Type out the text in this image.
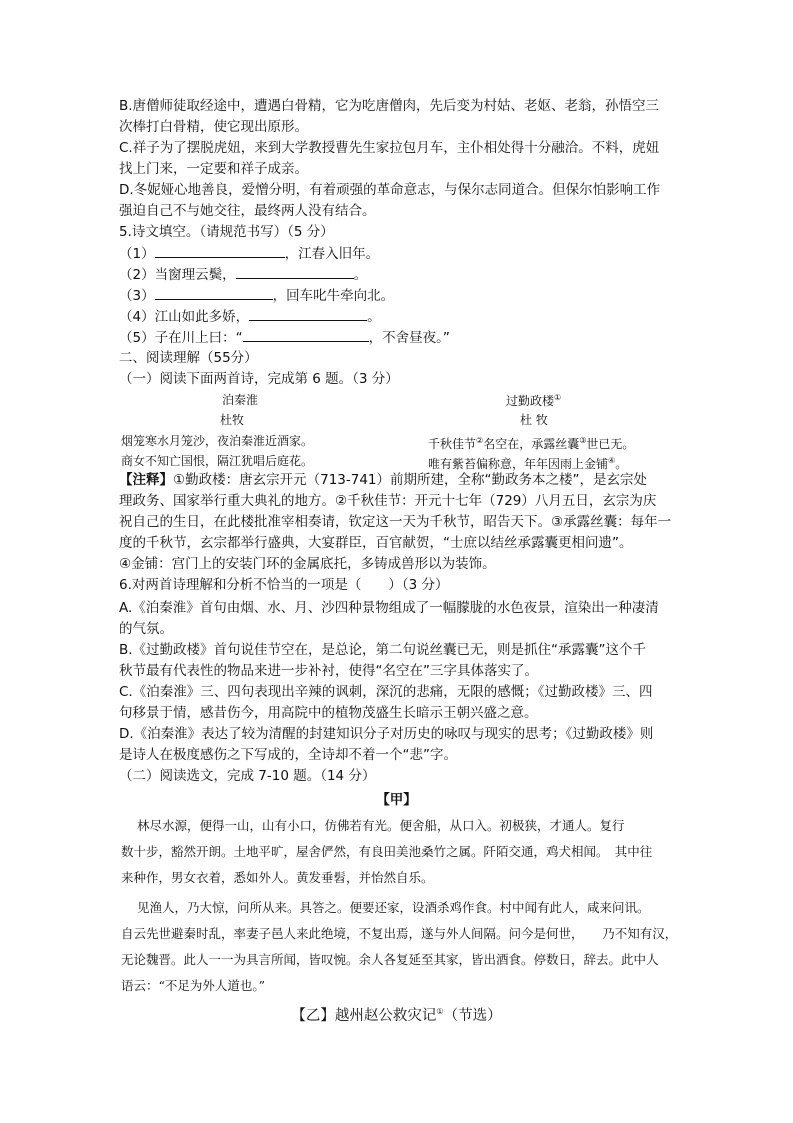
B.唐僧师徒取经途中，遭遇白骨精，它为吃唐僧肉，先后变为村姑、老妪、老翁，孙悟空三
次棒打白骨精，使它现出原形。
C.祥子为了摆脱虎妞，来到大学教授曹先生家拉包月车，主仆相处得十分融洽。不料，虎妞
找上门来，一定要和祥子成亲。
D.冬妮娅心地善良，爱憎分明，有着顽强的革命意志，与保尔志同道合。但保尔怕影响工作
强迫自己不与她交往，最终两人没有结合。
5.诗文填空。（请规范书写）（5 分）
（1）	，江春入旧年。
（2）当窗理云鬓，	。
（3）	，回车叱牛牵向北。
（4）江山如此多娇，	。
（5）子在川上曰：“	，不舍昼夜。”
二、阅读理解（55分）
（一）阅读下面两首诗，完成第 6 题。（3 分）
泊秦淮
杜牧
烟笼寒水月笼沙，夜泊秦淮近酒家。
商女不知亡国恨，隔江犹唱后庭花。
过勤政楼①
杜 牧
千秋佳节②名空在，承露丝囊③世已无。
唯有紫苔偏称意，年年因雨上金铺④。
【注释】①勤政楼：唐玄宗开元（713-741）前期所建，全称“勤政务本之楼”，是玄宗处
理政务、国家举行重大典礼的地方。②千秋佳节：开元十七年（729）八月五日，玄宗为庆
祝自己的生日，在此楼批准宰相奏请，钦定这一天为千秋节，昭告天下。③承露丝囊：每年一
度的千秋节，玄宗都举行盛典，大宴群臣，百官献贺，“士庶以结丝承露囊更相问遗”。
④金铺：宫门上的安装门环的金属底托，多铸成兽形以为装饰。
6.对两首诗理解和分析不恰当的一项是（　　）（3 分）
A.《泊秦淮》首句由烟、水、月、沙四种景物组成了一幅朦胧的水色夜景，渲染出一种凄清
的气氛。
B.《过勤政楼》首句说佳节空在，是总论，第二句说丝囊已无，则是抓住“承露囊”这个千
秋节最有代表性的物品来进一步补衬，使得“名空在”三字具体落实了。
C.《泊秦淮》三、四句表现出辛辣的讽刺，深沉的悲痛，无限的感慨；《过勤政楼》三、四
句移景于情，感昔伤今，用高院中的植物茂盛生长暗示王朝兴盛之意。
D.《泊秦淮》表达了较为清醒的封建知识分子对历史的咏叹与现实的思考；《过勤政楼》则
是诗人在极度感伤之下写成的，全诗却不着一个“悲”字。
（二）阅读选文，完成 7-10 题。（14 分）
【甲】
林尽水源，便得一山，山有小口，仿佛若有光。便舍船，从口入。初极狭，才通人。复行
数十步，豁然开朗。土地平旷，屋舍俨然，有良田美池桑竹之属。阡陌交通，鸡犬相闻。　其中往
来种作，男女衣着，悉如外人。黄发垂髫，并怡然自乐。
见渔人，乃大惊，问所从来。具答之。便要还家，设酒杀鸡作食。村中闻有此人，咸来问讯。
自云先世避秦时乱，率妻子邑人来此绝境，不复出焉，遂与外人间隔。问今是何世，　　乃不知有汉，
无论魏晋。此人一一为具言所闻，皆叹惋。余人各复延至其家，皆出酒食。停数日，辞去。此中人
语云：“不足为外人道也。”
【乙】越州赵公救灾记①（节选）
